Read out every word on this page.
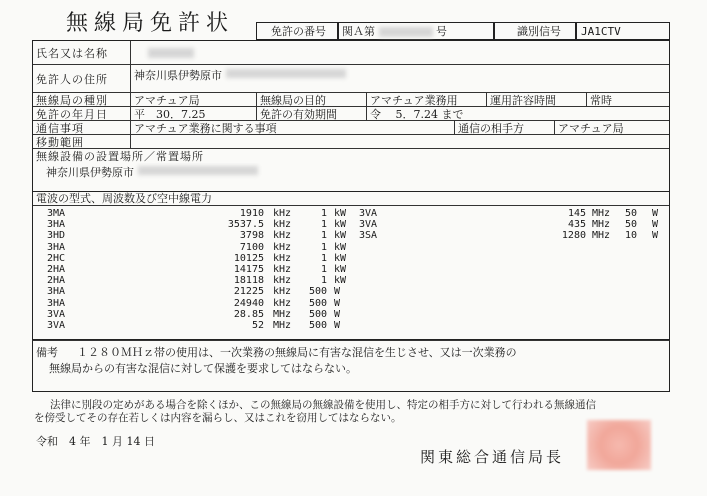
無線局免許状	免許の番号	関Ａ第	号	識別信号	JA1CTV
氏名又は名称
免許人の住所	神奈川県伊勢原市
無線局の種別	アマチュア局	無線局の目的	アマチュア業務用	運用許容時間	常時
免許の年月日	平　30．7.25	免許の有効期間	令　 5．7.24 まで
通信事項	アマチュア業務に関する事項	通信の相手方	アマチュア局
移動範囲
無線設備の設置場所／常置場所
神奈川県伊勢原市
電波の型式、周波数及び空中線電力
3MA	1910 kHz	1 kW
3HA	3537.5 kHz	1 kW
3HD	3798 kHz	1 kW
3HA	7100 kHz	1 kW
2HC	10125 kHz	1 kW
2HA	14175 kHz	1 kW
2HA	18118 kHz	1 kW
3HA	21225 kHz 500 W
3HA	24940 kHz 500 W
3VA	28.85 MHz 500 W
3VA	52 MHz 500 W
3VA	145 MHz 50 W
3VA	435 MHz 50 W
3SA	1280 MHz 10 W
備考 １２８０ＭＨｚ帯の使用は、一次業務の無線局に有害な混信を生じさせ、又は一次業務の
無線局からの有害な混信に対して保護を要求してはならない。
法律に別段の定めがある場合を除くほか、この無線局の無線設備を使用し、特定の相手方に対して行われる無線通信
を傍受してその存在若しくは内容を漏らし、又はこれを窃用してはならない。
令和　4 年　1 月 14 日
関東総合通信局長
